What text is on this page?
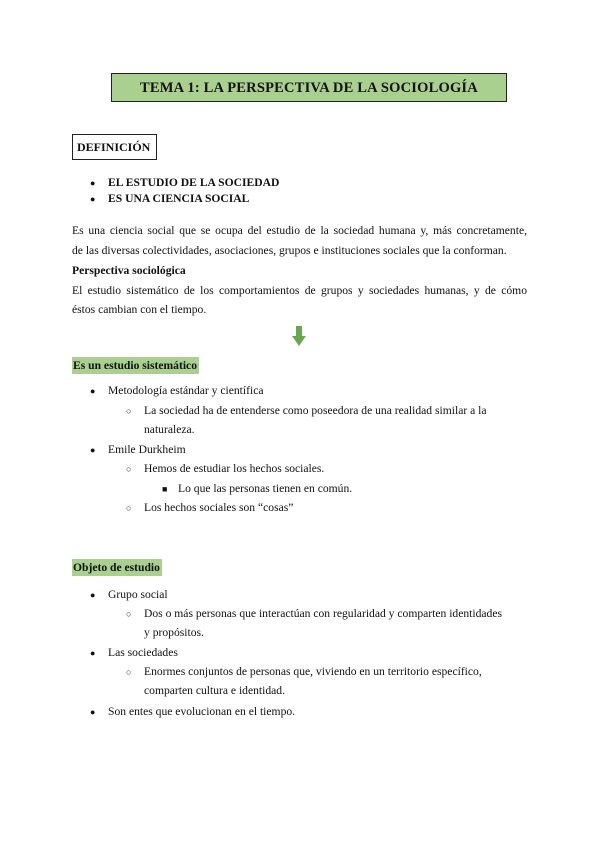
TEMA 1: LA PERSPECTIVA DE LA SOCIOLOGÍA
DEFINICIÓN
●	EL ESTUDIO DE LA SOCIEDAD
●	ES UNA CIENCIA SOCIAL
Es una ciencia social que se ocupa del estudio de la sociedad humana y, más concretamente,
de las diversas colectividades, asociaciones, grupos e instituciones sociales que la conforman.
Perspectiva sociológica
El estudio sistemático de los comportamientos de grupos y sociedades humanas, y de cómo
éstos cambian con el tiempo.
Es un estudio sistemático
●	Metodología estándar y científica
○	La sociedad ha de entenderse como poseedora de una realidad similar a la
naturaleza.
●	Emile Durkheim
○	Hemos de estudiar los hechos sociales.
■ Lo que las personas tienen en común.
○	Los hechos sociales son “cosas”
Objeto de estudio
●	Grupo social
○	Dos o más personas que interactúan con regularidad y comparten identidades
y propósitos.
●	Las sociedades
○	Enormes conjuntos de personas que, viviendo en un territorio específico,
comparten cultura e identidad.
●	Son entes que evolucionan en el tiempo.
